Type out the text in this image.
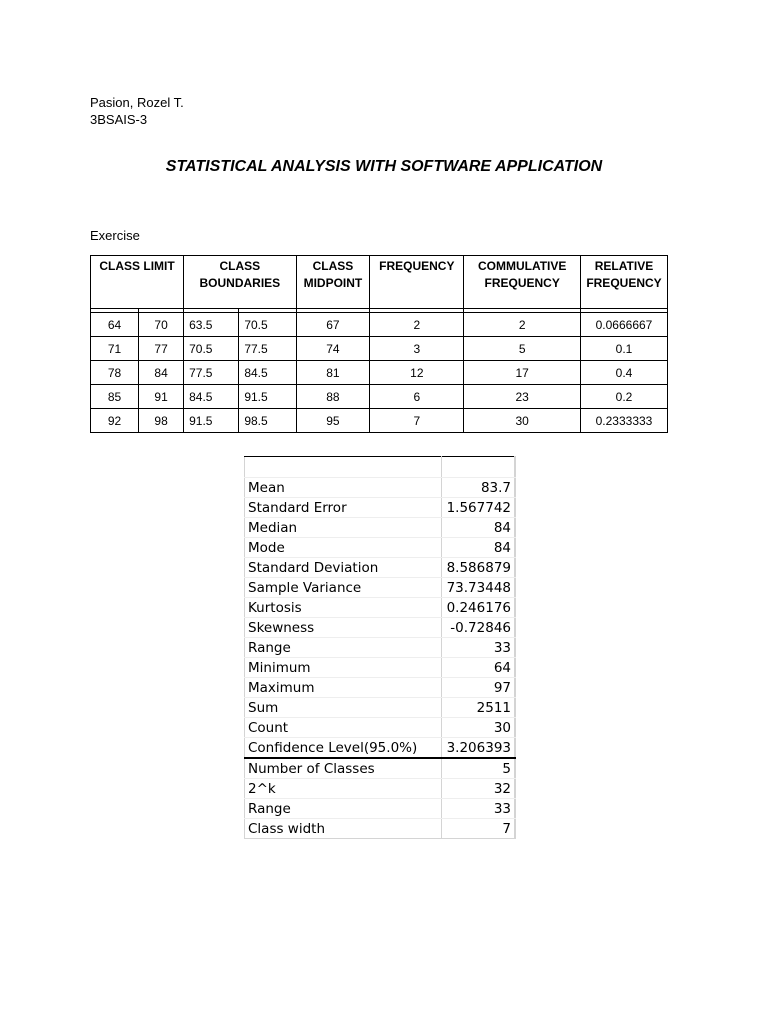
Pasion, Rozel T.
3BSAIS-3
STATISTICAL ANALYSIS WITH SOFTWARE APPLICATION
Exercise
CLASS LIMIT		CLASS BOUNDARIES		CLASS MIDPOINT	FREQUENCY	COMMULATIVE FREQUENCY	RELATIVE FREQUENCY

64	70	63.5	70.5	67	2	2	0.0666667
71	77	70.5	77.5	74	3	5	0.1
78	84	77.5	84.5	81	12	17	0.4
85	91	84.5	91.5	88	6	23	0.2
92	98	91.5	98.5	95	7	30	0.2333333

Mean	83.7	
Standard Error	1.567742	
Median	84	
Mode	84	
Standard Deviation	8.586879	
Sample Variance	73.73448	
Kurtosis	0.246176	
Skewness	-0.72846	
Range	33	
Minimum	64	
Maximum	97	
Sum	2511	
Count	30	
Confidence Level(95.0%)	3.206393	
Number of Classes	5	
2^k	32	
Range	33	
Class width	7	
